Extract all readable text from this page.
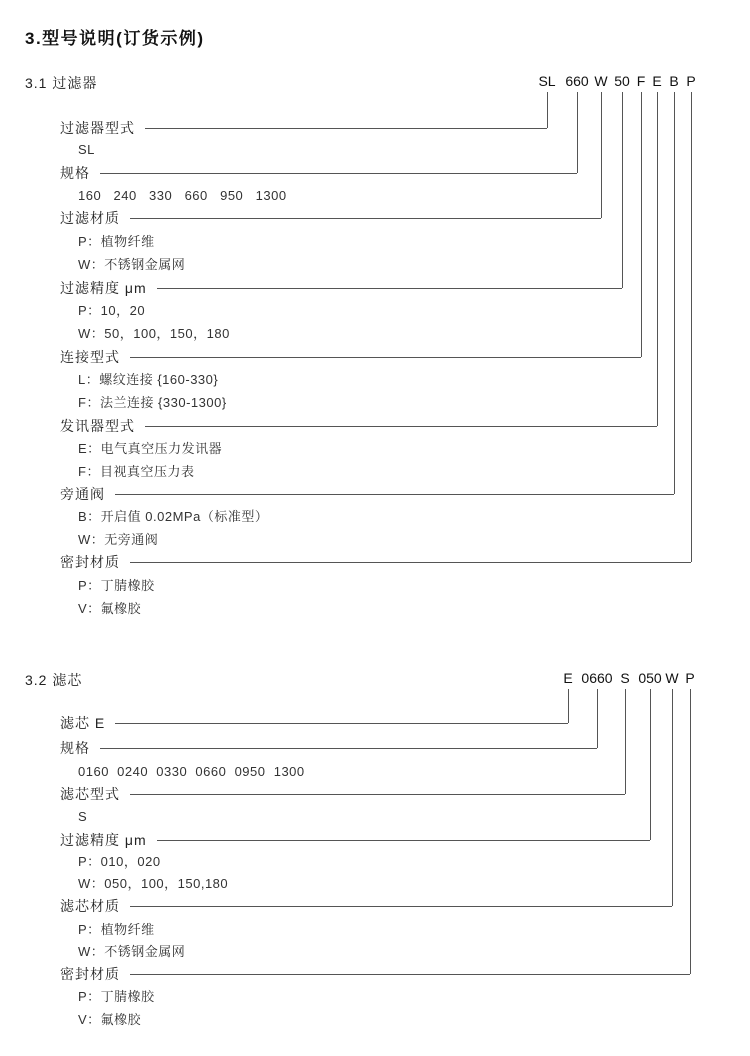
3.型号说明(订货示例)
3.1 过滤器	SL 660 W 50 F E B P
过滤器型式
规格
过滤材质
过滤精度 μm
连接型式
发讯器型式
旁通阀
密封材质
SL
160   240   330   660   950   1300
P：植物纤维
W：不锈钢金属网
P：10，20
W：50，100，150，180
L：螺纹连接 {160-330}
F：法兰连接 {330-1300}
E：电气真空压力发讯器
F：目视真空压力表
B：开启值 0.02MPa（标准型）
W：无旁通阀
P：丁腈橡胶
V：氟橡胶
3.2 滤芯	E 0660 S 050 W P
滤芯 E
规格
滤芯型式
过滤精度 μm
滤芯材质
密封材质
0160  0240  0330  0660  0950  1300
S
P：010，020
W：050，100，150,180
P：植物纤维
W：不锈钢金属网
P：丁腈橡胶
V：氟橡胶
